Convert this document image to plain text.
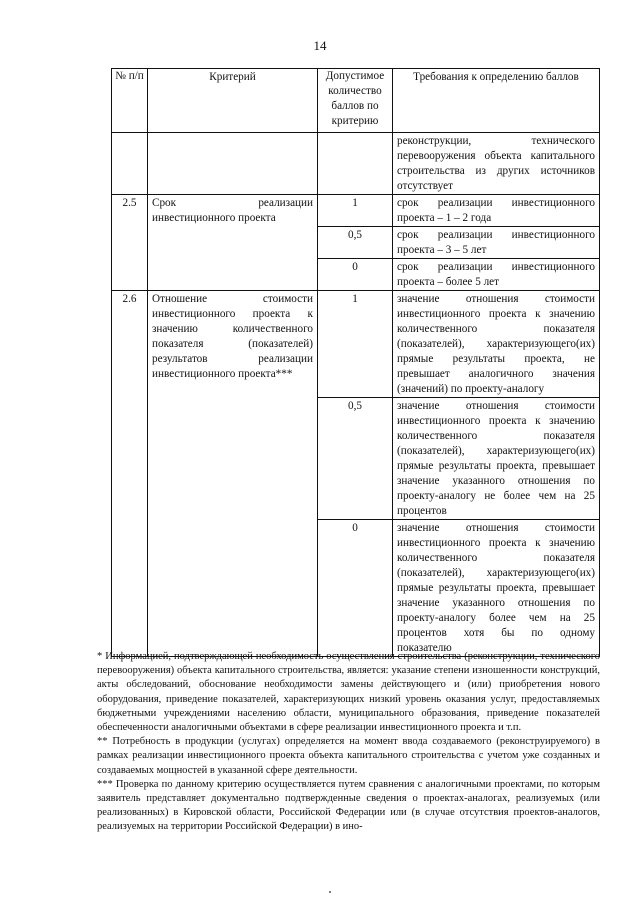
14
№ п/п	Критерий	Допустимое количество баллов по критерию	Требования к определению баллов
			реконструкции, технического перевооружения объекта капитального строительства из других источников отсутствует
2.5	Срок реализации инвестиционного проекта	1	срок реализации инвестиционного проекта – 1 – 2 года
		0,5	срок реализации инвестиционного проекта – 3 – 5 лет
		0	срок реализации инвестиционного проекта – более 5 лет
2.6	Отношение стоимости инвестиционного проекта к значению количественного показателя (показателей) результатов реализации инвестиционного проекта***	1	значение отношения стоимости инвестиционного проекта к значению количественного показателя (показателей), характеризующего(их) прямые результаты проекта, не превышает аналогичного значения (значений) по проекту-аналогу
		0,5	значение отношения стоимости инвестиционного проекта к значению количественного показателя (показателей), характеризующего(их) прямые результаты проекта, превышает значение указанного отношения по проекту-аналогу не более чем на 25 процентов
		0	значение отношения стоимости инвестиционного проекта к значению количественного показателя (показателей), характеризующего(их) прямые результаты проекта, превышает значение указанного отношения по проекту-аналогу более чем на 25 процентов хотя бы по одному показателю

* Информацией, подтверждающей необходимость осуществления строительства (реконструкции, технического перевооружения) объекта капитального строительства, является: указание степени изношенности конструкций, акты обследований, обоснование необходимости замены действующего и (или) приобретения нового оборудования, приведение показателей, характеризующих низкий уровень оказания услуг, предоставляемых бюджетными учреждениями населению области, муниципального образования, приведение показателей обеспеченности аналогичными объектами в сфере реализации инвестиционного проекта и т.п.

** Потребность в продукции (услугах) определяется на момент ввода создаваемого (реконструируемого) в рамках реализации инвестиционного проекта объекта капитального строительства с учетом уже созданных и создаваемых мощностей в указанной сфере деятельности.

*** Проверка по данному критерию осуществляется путем сравнения с аналогичными проектами, по которым заявитель представляет документально подтвержденные сведения о проектах-аналогах, реализуемых (или реализованных) в Кировской области, Российской Федерации или (в случае отсутствия проектов-аналогов, реализуемых на территории Российской Федерации) в ино-
